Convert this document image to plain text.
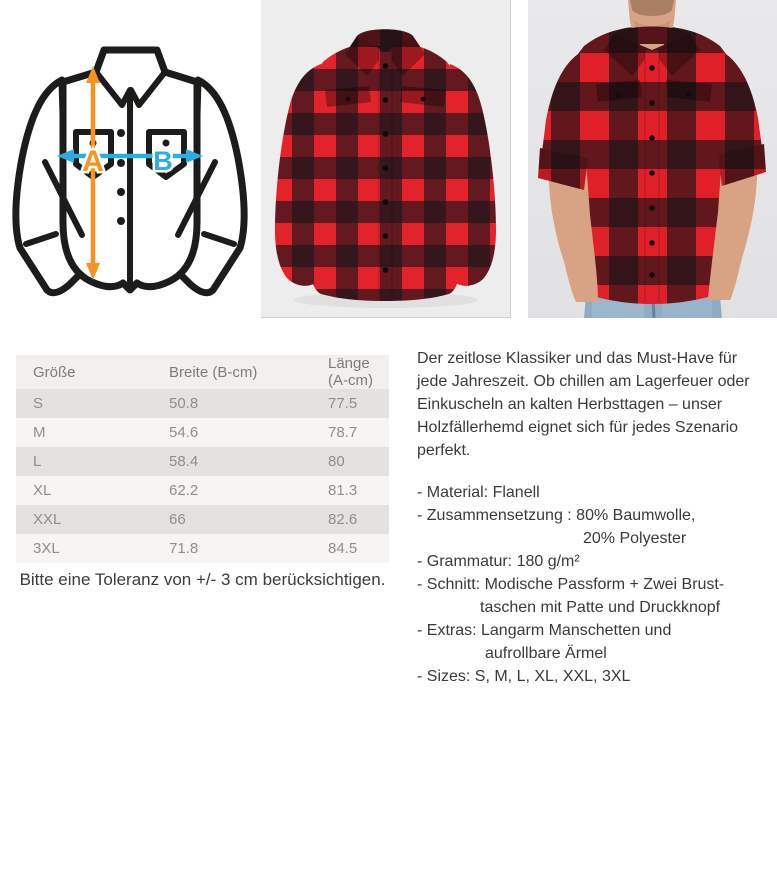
A B
Größe	Breite (B-cm)	Länge (A-cm)
S	50.8	77.5
M	54.6	78.7
L	58.4	80
XL	62.2	81.3
XXL	66	82.6
3XL	71.8	84.5
Bitte eine Toleranz von +/- 3 cm berücksichtigen.

Der zeitlose Klassiker und das Must-Have für jede Jahreszeit. Ob chillen am Lagerfeuer oder Einkuscheln an kalten Herbsttagen – unser Holzfällerhemd eignet sich für jedes Szenario perfekt.

- Material: Flanell
- Zusammensetzung : 80% Baumwolle,
20% Polyester
- Grammatur: 180 g/m²
- Schnitt: Modische Passform + Zwei Brust-
taschen mit Patte und Druckknopf
- Extras: Langarm Manschetten und
aufrollbare Ärmel
- Sizes: S, M, L, XL, XXL, 3XL
